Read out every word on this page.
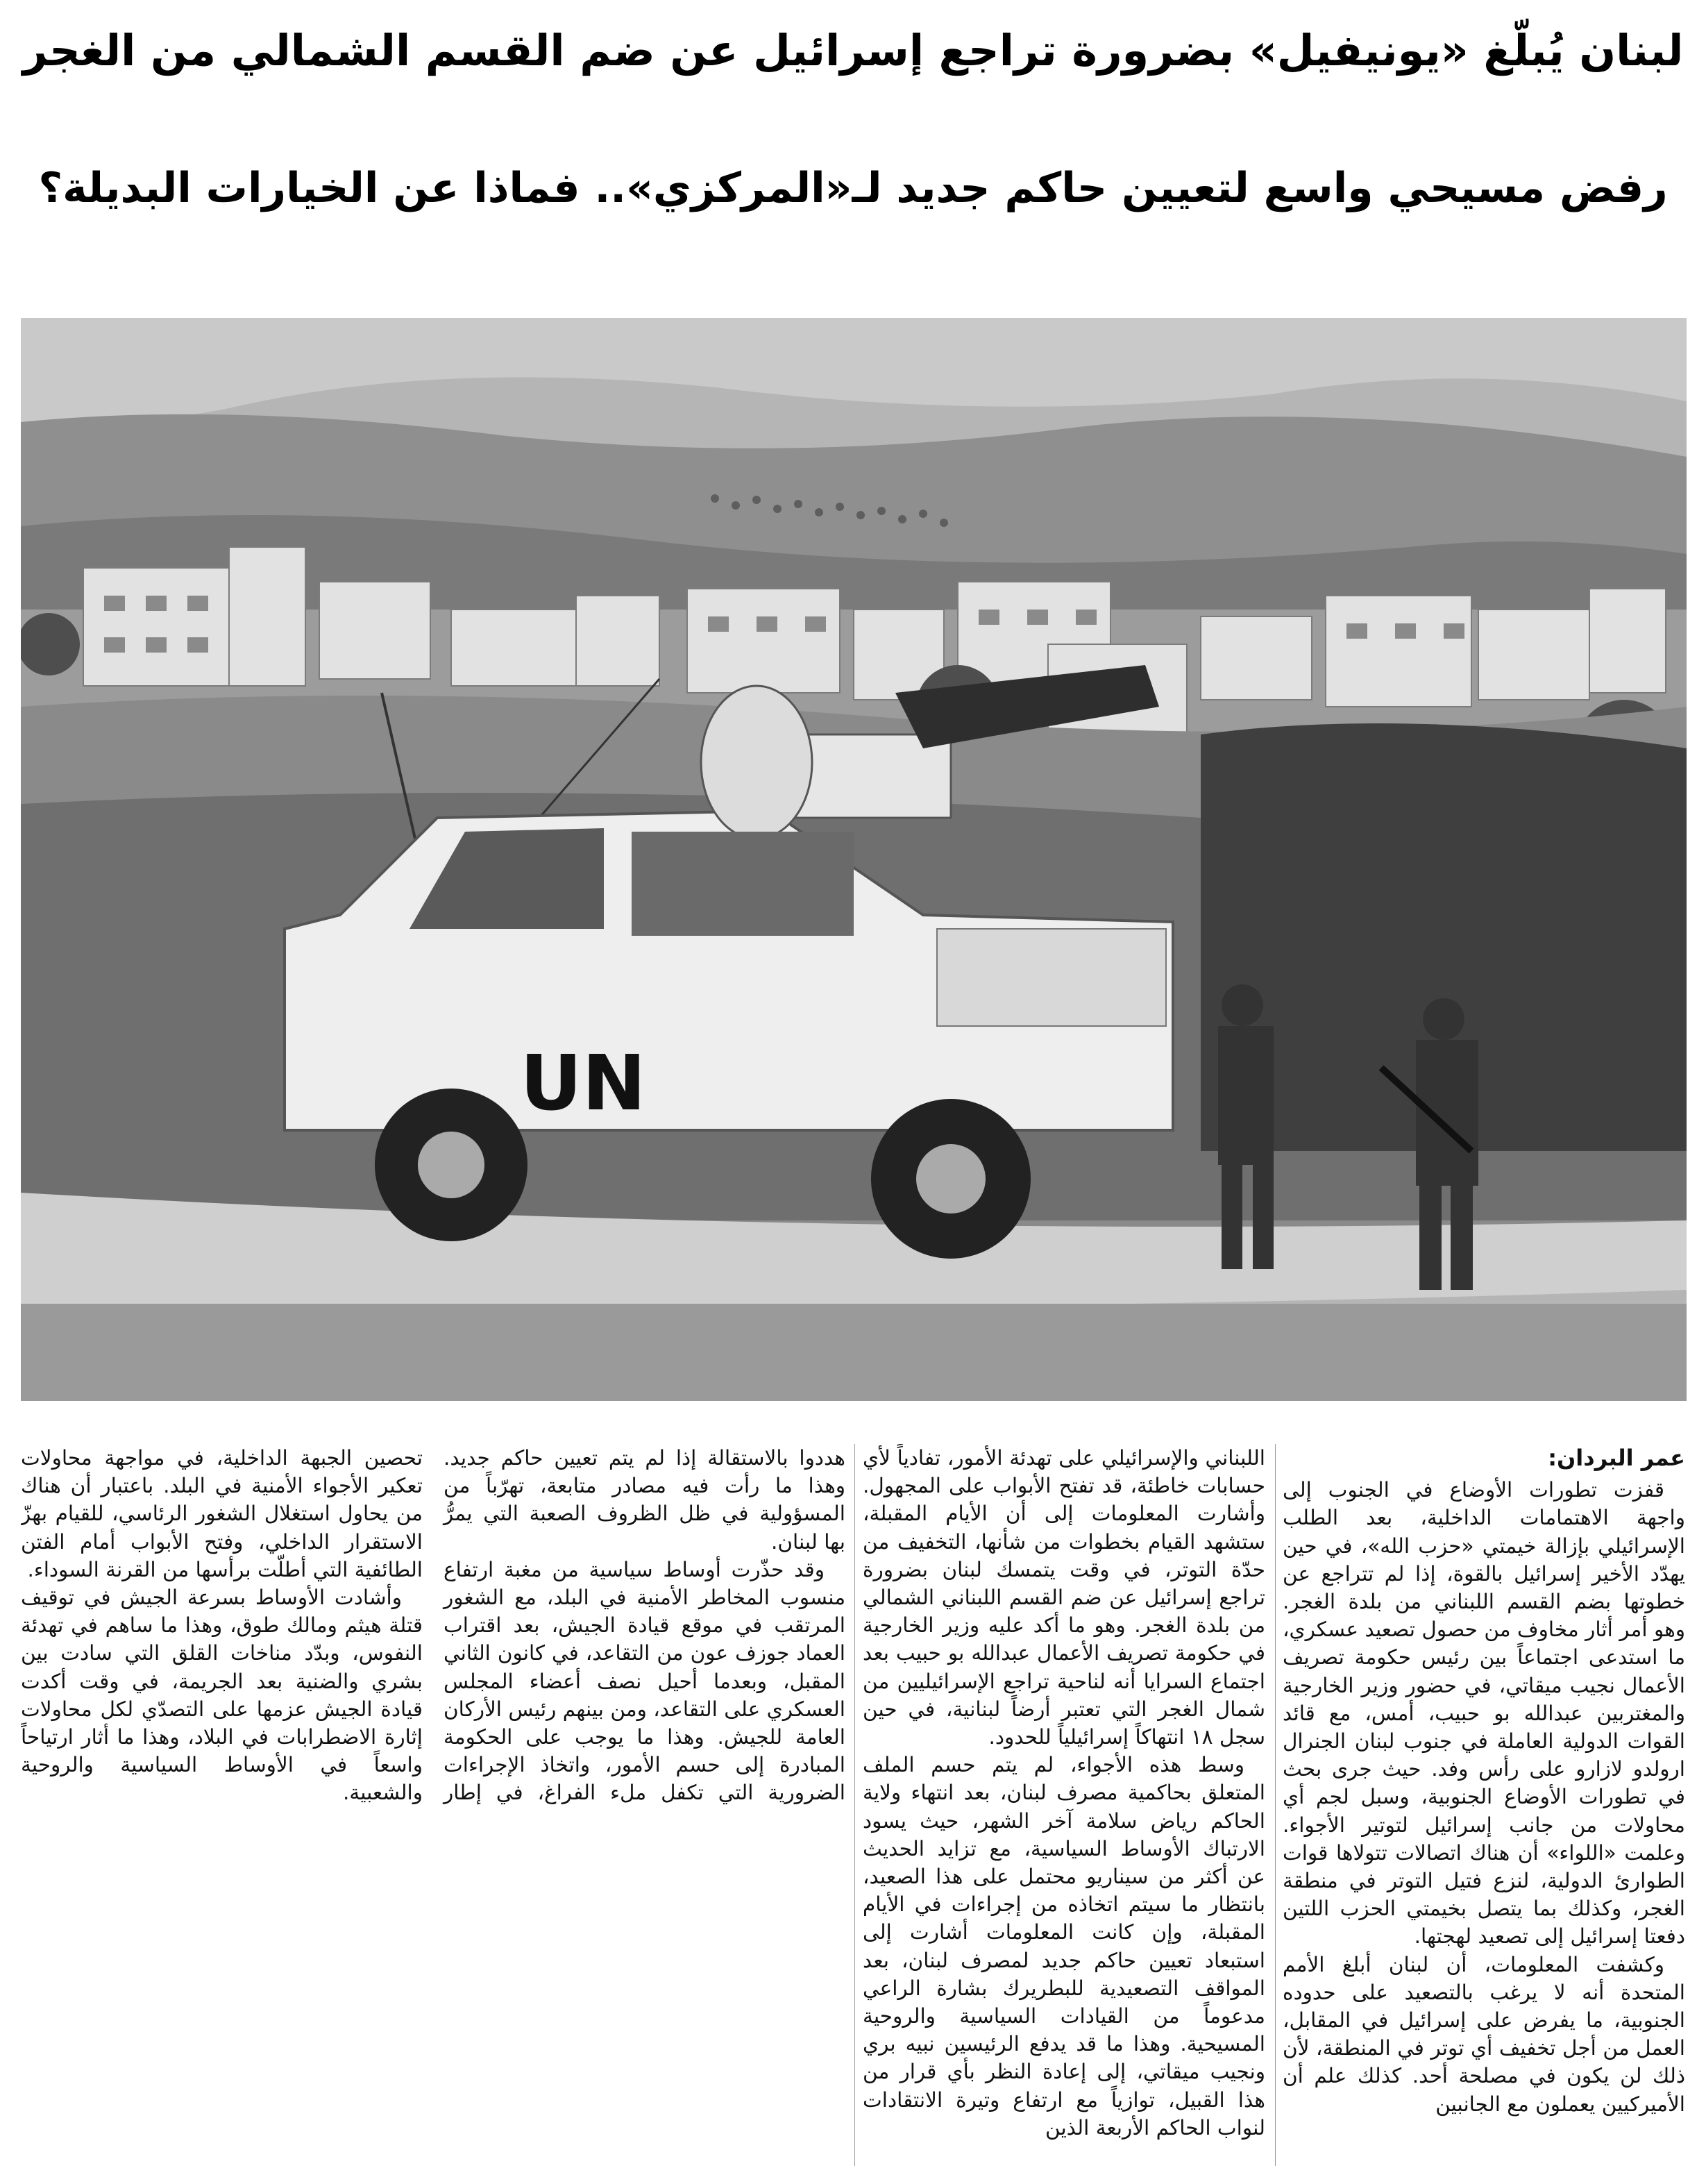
لبنان يُبلّغ «يونيفيل» بضرورة تراجع إسرائيل عن ضم القسم الشمالي من الغجر
رفض مسيحي واسع لتعيين حاكم جديد لـ«المركزي».. فماذا عن الخيارات البديلة؟
UN

عمر البردان:

قفزت تطورات الأوضاع في الجنوب إلى واجهة الاهتمامات الداخلية، بعد الطلب الإسرائيلي بإزالة خيمتي «حزب الله»، في حين يهدّد الأخير إسرائيل بالقوة، إذا لم تتراجع عن خطوتها بضم القسم اللبناني من بلدة الغجر. وهو أمر أثار مخاوف من حصول تصعيد عسكري، ما استدعى اجتماعاً بين رئيس حكومة تصريف الأعمال نجيب ميقاتي، في حضور وزير الخارجية والمغتربين عبدالله بو حبيب، أمس، مع قائد القوات الدولية العاملة في جنوب لبنان الجنرال ارولدو لازارو على رأس وفد. حيث جرى بحث في تطورات الأوضاع الجنوبية، وسبل لجم أي محاولات من جانب إسرائيل لتوتير الأجواء. وعلمت «اللواء» أن هناك اتصالات تتولاها قوات الطوارئ الدولية، لنزع فتيل التوتر في منطقة الغجر، وكذلك بما يتصل بخيمتي الحزب اللتين دفعتا إسرائيل إلى تصعيد لهجتها.

وكشفت المعلومات، أن لبنان أبلغ الأمم المتحدة أنه لا يرغب بالتصعيد على حدوده الجنوبية، ما يفرض على إسرائيل في المقابل، العمل من أجل تخفيف أي توتر في المنطقة، لأن ذلك لن يكون في مصلحة أحد. كذلك علم أن الأميركيين يعملون مع الجانبين

اللبناني والإسرائيلي على تهدئة الأمور، تفادياً لأي حسابات خاطئة، قد تفتح الأبواب على المجهول. وأشارت المعلومات إلى أن الأيام المقبلة، ستشهد القيام بخطوات من شأنها، التخفيف من حدّة التوتر، في وقت يتمسك لبنان بضرورة تراجع إسرائيل عن ضم القسم اللبناني الشمالي من بلدة الغجر. وهو ما أكد عليه وزير الخارجية في حكومة تصريف الأعمال عبدالله بو حبيب بعد اجتماع السرايا أنه لناحية تراجع الإسرائيليين من شمال الغجر التي تعتبر أرضاً لبنانية، في حين سجل ١٨ انتهاكاً إسرائيلياً للحدود.

وسط هذه الأجواء، لم يتم حسم الملف المتعلق بحاكمية مصرف لبنان، بعد انتهاء ولاية الحاكم رياض سلامة آخر الشهر، حيث يسود الارتباك الأوساط السياسية، مع تزايد الحديث عن أكثر من سيناريو محتمل على هذا الصعيد، بانتظار ما سيتم اتخاذه من إجراءات في الأيام المقبلة، وإن كانت المعلومات أشارت إلى استبعاد تعيين حاكم جديد لمصرف لبنان، بعد المواقف التصعيدية للبطريرك بشارة الراعي مدعوماً من القيادات السياسية والروحية المسيحية. وهذا ما قد يدفع الرئيسين نبيه بري ونجيب ميقاتي، إلى إعادة النظر بأي قرار من هذا القبيل، توازياً مع ارتفاع وتيرة الانتقادات لنواب الحاكم الأربعة الذين

هددوا بالاستقالة إذا لم يتم تعيين حاكم جديد. وهذا ما رأت فيه مصادر متابعة، تهرّباً من المسؤولية في ظل الظروف الصعبة التي يمرُّ بها لبنان.

وقد حذّرت أوساط سياسية من مغبة ارتفاع منسوب المخاطر الأمنية في البلد، مع الشغور المرتقب في موقع قيادة الجيش، بعد اقتراب العماد جوزف عون من التقاعد، في كانون الثاني المقبل، وبعدما أحيل نصف أعضاء المجلس العسكري على التقاعد، ومن بينهم رئيس الأركان العامة للجيش. وهذا ما يوجب على الحكومة المبادرة إلى حسم الأمور، واتخاذ الإجراءات الضرورية التي تكفل ملء الفراغ، في إطار تحصين الجبهة الداخلية، في مواجهة محاولات تعكير الأجواء الأمنية في البلد. باعتبار أن هناك من يحاول استغلال الشغور الرئاسي، للقيام بهزّ الاستقرار الداخلي، وفتح الأبواب أمام الفتن الطائفية التي أطلّت برأسها من القرنة السوداء.

وأشادت الأوساط بسرعة الجيش في توقيف قتلة هيثم ومالك طوق، وهذا ما ساهم في تهدئة النفوس، وبدّد مناخات القلق التي سادت بين بشري والضنية بعد الجريمة، في وقت أكدت قيادة الجيش عزمها على التصدّي لكل محاولات إثارة الاضطرابات في البلاد، وهذا ما أثار ارتياحاً واسعاً في الأوساط السياسية والروحية والشعبية.
